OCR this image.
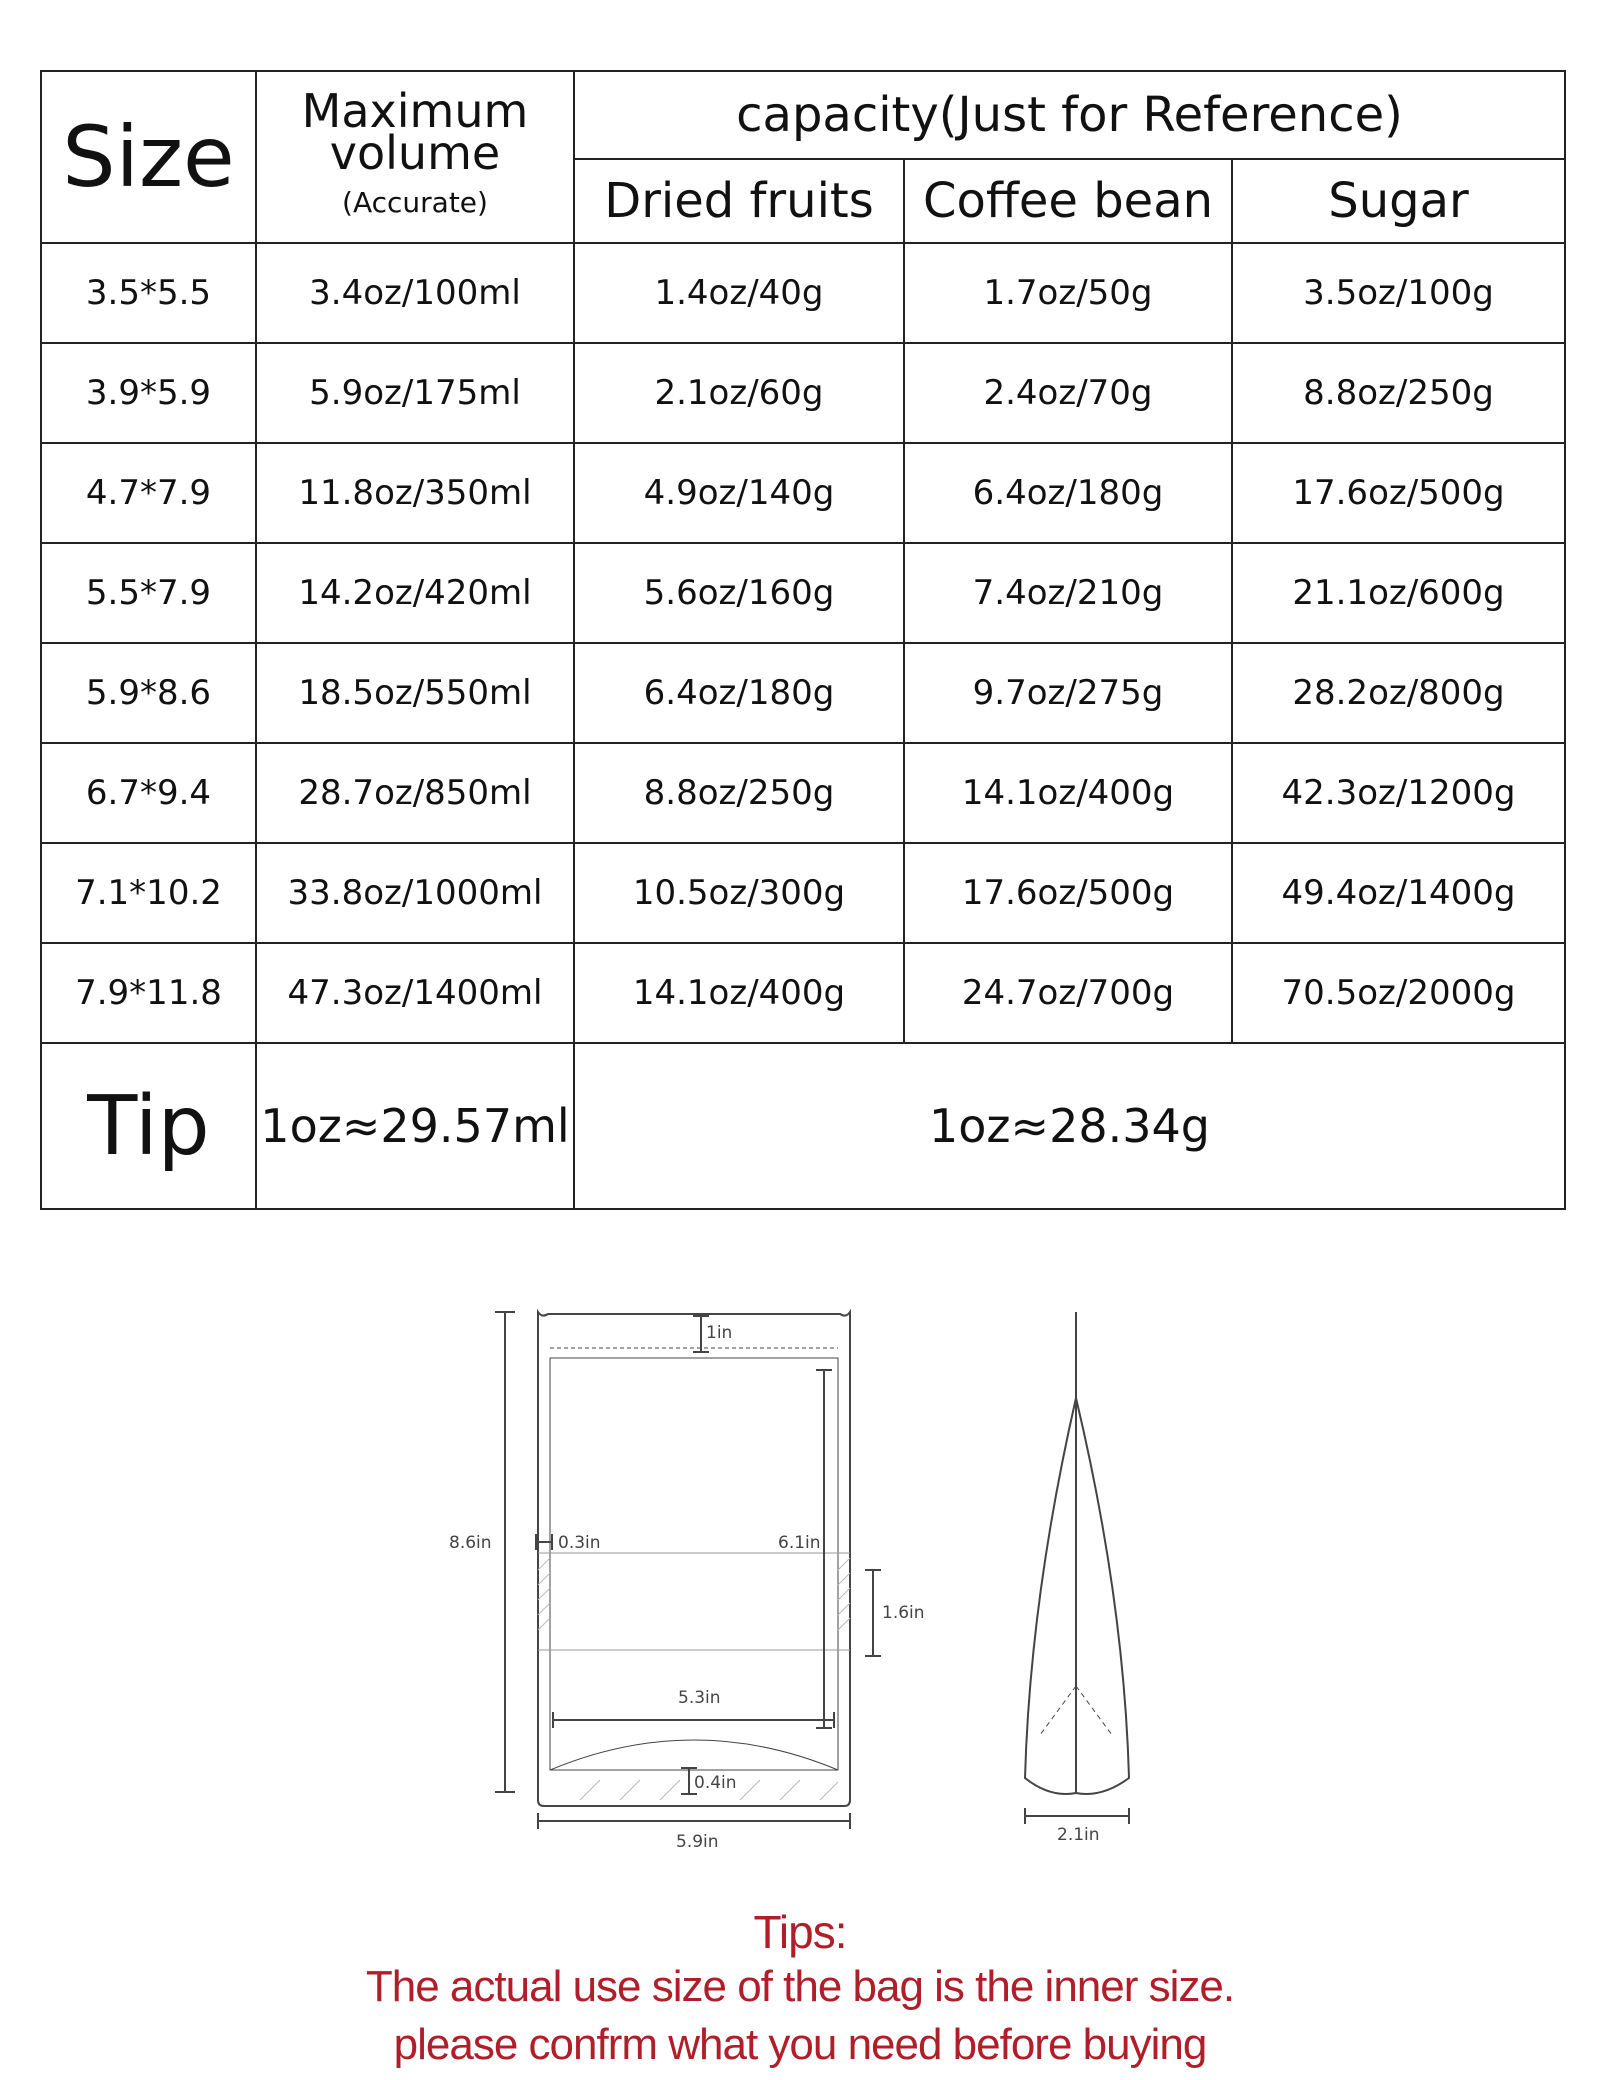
Size	Maximum
volume
(Accurate)	capacity(Just for Reference)		
		Dried fruits	Coffee bean	Sugar
3.5*5.5	3.4oz/100ml	1.4oz/40g	1.7oz/50g	3.5oz/100g
3.9*5.9	5.9oz/175ml	2.1oz/60g	2.4oz/70g	8.8oz/250g
4.7*7.9	11.8oz/350ml	4.9oz/140g	6.4oz/180g	17.6oz/500g
5.5*7.9	14.2oz/420ml	5.6oz/160g	7.4oz/210g	21.1oz/600g
5.9*8.6	18.5oz/550ml	6.4oz/180g	9.7oz/275g	28.2oz/800g
6.7*9.4	28.7oz/850ml	8.8oz/250g	14.1oz/400g	42.3oz/1200g
7.1*10.2	33.8oz/1000ml	10.5oz/300g	17.6oz/500g	49.4oz/1400g
7.9*11.8	47.3oz/1400ml	14.1oz/400g	24.7oz/700g	70.5oz/2000g
Tip	1oz≈29.57ml	1oz≈28.34g		
8.6in
1in
0.3in	6.1in
1.6in
5.3in
0.4in
5.9in	2.1in
Tips:
The actual use size of the bag is the inner size.
please confrm what you need before buying
